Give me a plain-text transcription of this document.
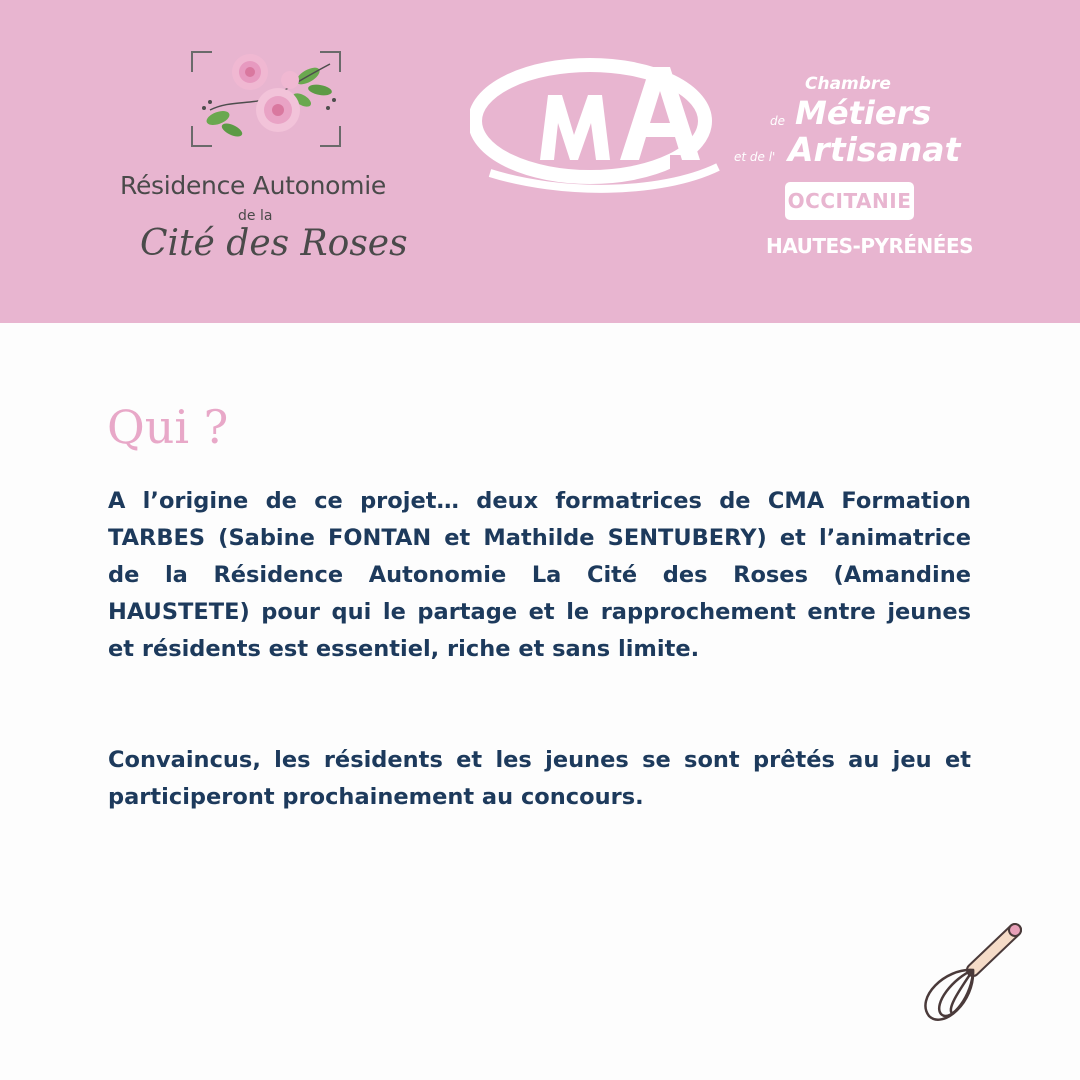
Résidence Autonomie
de la
Cité des Roses
Chambre
de Métiers
et de l' Artisanat
OCCITANIE
HAUTES-PYRÉNÉES
Qui ?

A l’origine de ce projet… deux formatrices de CMA Formation TARBES (Sabine FONTAN et Mathilde SENTUBERY) et l’animatrice de la Résidence Autonomie La Cité des Roses (Amandine HAUSTETE) pour qui le partage et le rapprochement entre jeunes et résidents est essentiel, riche et sans limite.

Convaincus, les résidents et les jeunes se sont prêtés au jeu et participeront prochainement au concours.
